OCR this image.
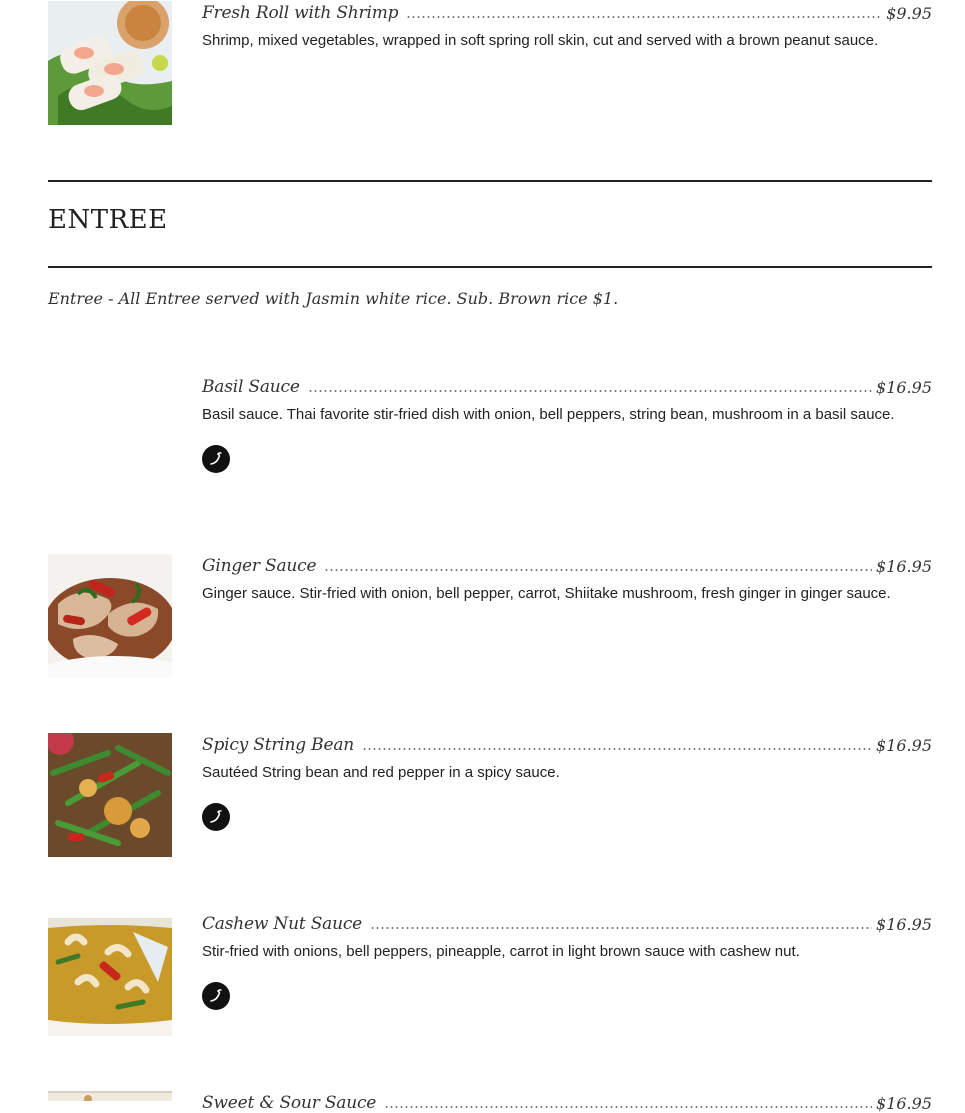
Fresh Roll with Shrimp	$9.95
Shrimp, mixed vegetables, wrapped in soft spring roll skin, cut and served with a brown peanut sauce.
ENTREE
Entree - All Entree served with Jasmin white rice. Sub. Brown rice $1.
Basil Sauce	$16.95
Basil sauce. Thai favorite stir-fried dish with onion, bell peppers, string bean, mushroom in a basil sauce.
Ginger Sauce	$16.95
Ginger sauce. Stir-fried with onion, bell pepper, carrot, Shiitake mushroom, fresh ginger in ginger sauce.
Spicy String Bean	$16.95
Sautéed String bean and red pepper in a spicy sauce.
Cashew Nut Sauce	$16.95
Stir-fried with onions, bell peppers, pineapple, carrot in light brown sauce with cashew nut.
Sweet & Sour Sauce	$16.95
